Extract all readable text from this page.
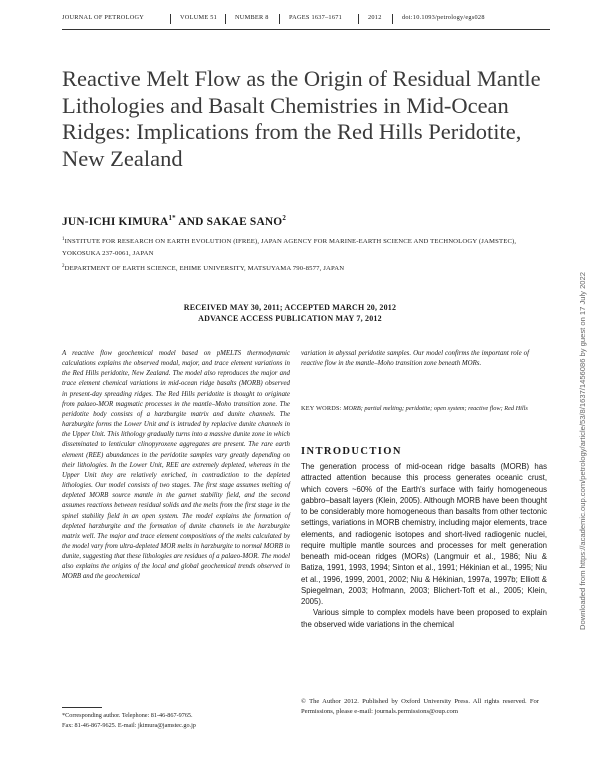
JOURNAL OF PETROLOGY	VOLUME 51	NUMBER 8	PAGES 1637–1671	2012	doi:10.1093/petrology/egs028
Reactive Melt Flow as the Origin of Residual Mantle Lithologies and Basalt Chemistries in Mid-Ocean Ridges: Implications from the Red Hills Peridotite, New Zealand
JUN-ICHI $KIMURA^{1*}$ AND SAKAE SANO$^2$
$^1$INSTITUTE FOR RESEARCH ON EARTH EVOLUTION (IFREE), JAPAN AGENCY FOR MARINE-EARTH SCIENCE AND TECHNOLOGY (JAMSTEC), YOKOSUKA 237-0061, JAPAN
$^2$DEPARTMENT OF EARTH SCIENCE, EHIME UNIVERSITY, MATSUYAMA 790-8577, JAPAN
RECEIVED MAY 30, 2011; ACCEPTED MARCH 20, 2012
ADVANCE ACCESS PUBLICATION MAY 7, 2012

A reactive flow geochemical model based on pMELTS thermodynamic calculations explains the observed modal, major, and trace element variations in the Red Hills peridotite, New Zealand. The model also reproduces the major and trace element chemical variations in mid-ocean ridge basalts (MORB) observed in present-day spreading ridges. The Red Hills peridotite is thought to originate from palaeo-MOR magmatic processes in the mantle–Moho transition zone. The peridotite body consists of a harzburgite matrix and dunite channels. The harzburgite forms the Lower Unit and is intruded by replacive dunite channels in the Upper Unit. This lithology gradually turns into a massive dunite zone in which disseminated to lenticular clinopyroxene aggregates are present. The rare earth element (REE) abundances in the peridotite samples vary greatly depending on their lithologies. In the Lower Unit, REE are extremely depleted, whereas in the Upper Unit they are relatively enriched, in contradiction to the depleted lithologies. Our model consists of two stages. The first stage assumes melting of depleted MORB source mantle in the garnet stability field, and the second assumes reactions between residual solids and the melts from the first stage in the spinel stability field in an open system. The model explains the formation of depleted harzburgite and the formation of dunite channels in the harzburgite matrix well. The major and trace element compositions of the melts calculated by the model vary from ultra-depleted MOR melts in harzburgite to normal MORB in dunite, suggesting that these lithologies are residues of a palaeo-MOR. The model also explains the origins of the local and global geochemical trends observed in MORB and the geochemical

variation in abyssal peridotite samples. Our model confirms the important role of reactive flow in the mantle–Moho transition zone beneath MORs.

KEY WORDS: MORB; partial melting; peridotite; open system; reactive flow; Red Hills
INTRODUCTION

The generation process of mid-ocean ridge basalts (MORB) has attracted attention because this process generates oceanic crust, which covers ~60% of the Earth's surface with fairly homogeneous gabbro–basalt layers (Klein, 2005). Although MORB have been thought to be considerably more homogeneous than basalts from other tectonic settings, variations in MORB chemistry, including major elements, trace elements, and radiogenic isotopes and short-lived radiogenic nuclei, require multiple mantle sources and processes for melt generation beneath mid-ocean ridges (MORs) (Langmuir et al., 1986; Niu & Batiza, 1991, 1993, 1994; Sinton et al., 1991; Hékinian et al., 1995; Niu et al., 1996, 1999, 2001, 2002; Niu & Hékinian, 1997a, 1997b; Elliott & Spiegelman, 2003; Hofmann, 2003; Blichert-Toft et al., 2005; Klein, 2005).

Various simple to complex models have been proposed to explain the observed wide variations in the chemical

*Corresponding author. Telephone: 81-46-867-9765.
Fax: 81-46-867-9625. E-mail: jkimura@jamstec.go.jp
© The Author 2012. Published by Oxford University Press. All rights reserved. For Permissions, please e-mail: journals.permissions@oup.com
Downloaded from https://academic.oup.com/petrology/article/53/8/1637/1456086 by guest on 17 July 2022
